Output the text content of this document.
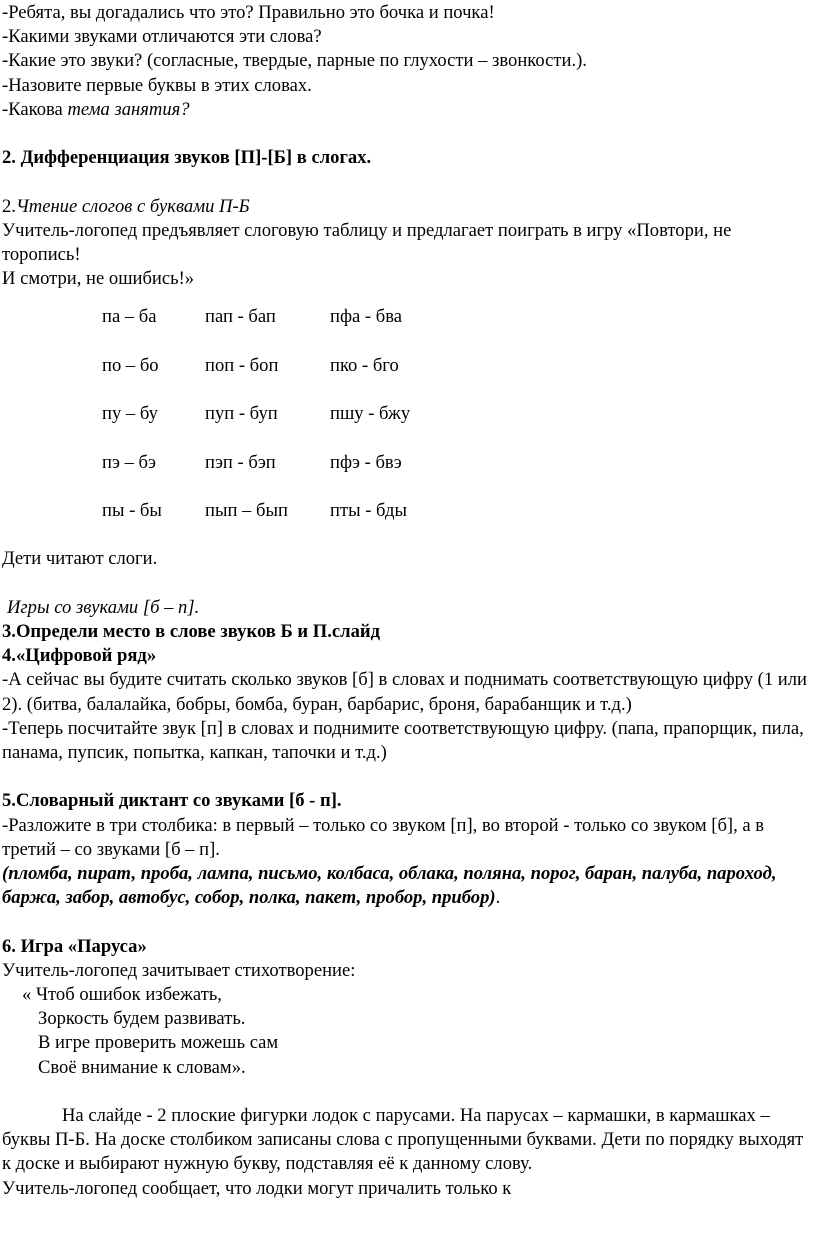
-Ребята, вы догадались что это? Правильно это бочка и почка!

-Какими звуками отличаются эти слова?

-Какие это звуки? (согласные, твердые, парные по глухости – звонкости.).

-Назовите первые буквы в этих словах.

-Какова тема занятия?

2. Дифференциация звуков [П]-[Б] в слогах.

2.Чтение слогов с буквами П-Б

Учитель-логопед предъявляет слоговую таблицу и предлагает поиграть в игру «Повтори, не торопись!

И смотри, не ошибись!»

па – ба	пап - бап	пфа - бва
по – бо	поп - боп	пко - бго
пу – бу	пуп - буп	пшу - бжу
пэ – бэ	пэп - бэп	пфэ - бвэ
пы - бы	пып – бып	пты - бды

Дети читают слоги.

Игры со звуками [б – п].

3.Определи место в слове звуков Б и П.слайд

4.«Цифровой ряд»

-А сейчас вы будите считать сколько звуков [б] в словах и поднимать соответствующую цифру (1 или 2). (битва, балалайка, бобры, бомба, буран, барбарис, броня, барабанщик и т.д.)

-Теперь посчитайте звук [п] в словах и поднимите соответствующую цифру. (папа, прапорщик, пила, панама, пупсик, попытка, капкан, тапочки и т.д.)

5.Словарный диктант со звуками [б - п].

-Разложите в три столбика: в первый – только со звуком [п], во второй - только со звуком [б], а в третий – со звуками [б – п].

(пломба, пират, проба, лампа, письмо, колбаса, облака, поляна, порог, баран, палуба, пароход, баржа, забор, автобус, собор, полка, пакет, пробор, прибор).

6. Игра «Паруса»

Учитель-логопед зачитывает стихотворение:

« Чтоб ошибок избежать,

Зоркость будем развивать.

В игре проверить можешь сам

Своё внимание к словам».

На слайде - 2 плоские фигурки лодок с парусами. На парусах – кармашки, в кармашках – буквы П-Б. На доске столбиком записаны слова с пропущенными буквами. Дети по порядку выходят к доске и выбирают нужную букву, подставляя её к данному слову.

Учитель-логопед сообщает, что лодки могут причалить только к
